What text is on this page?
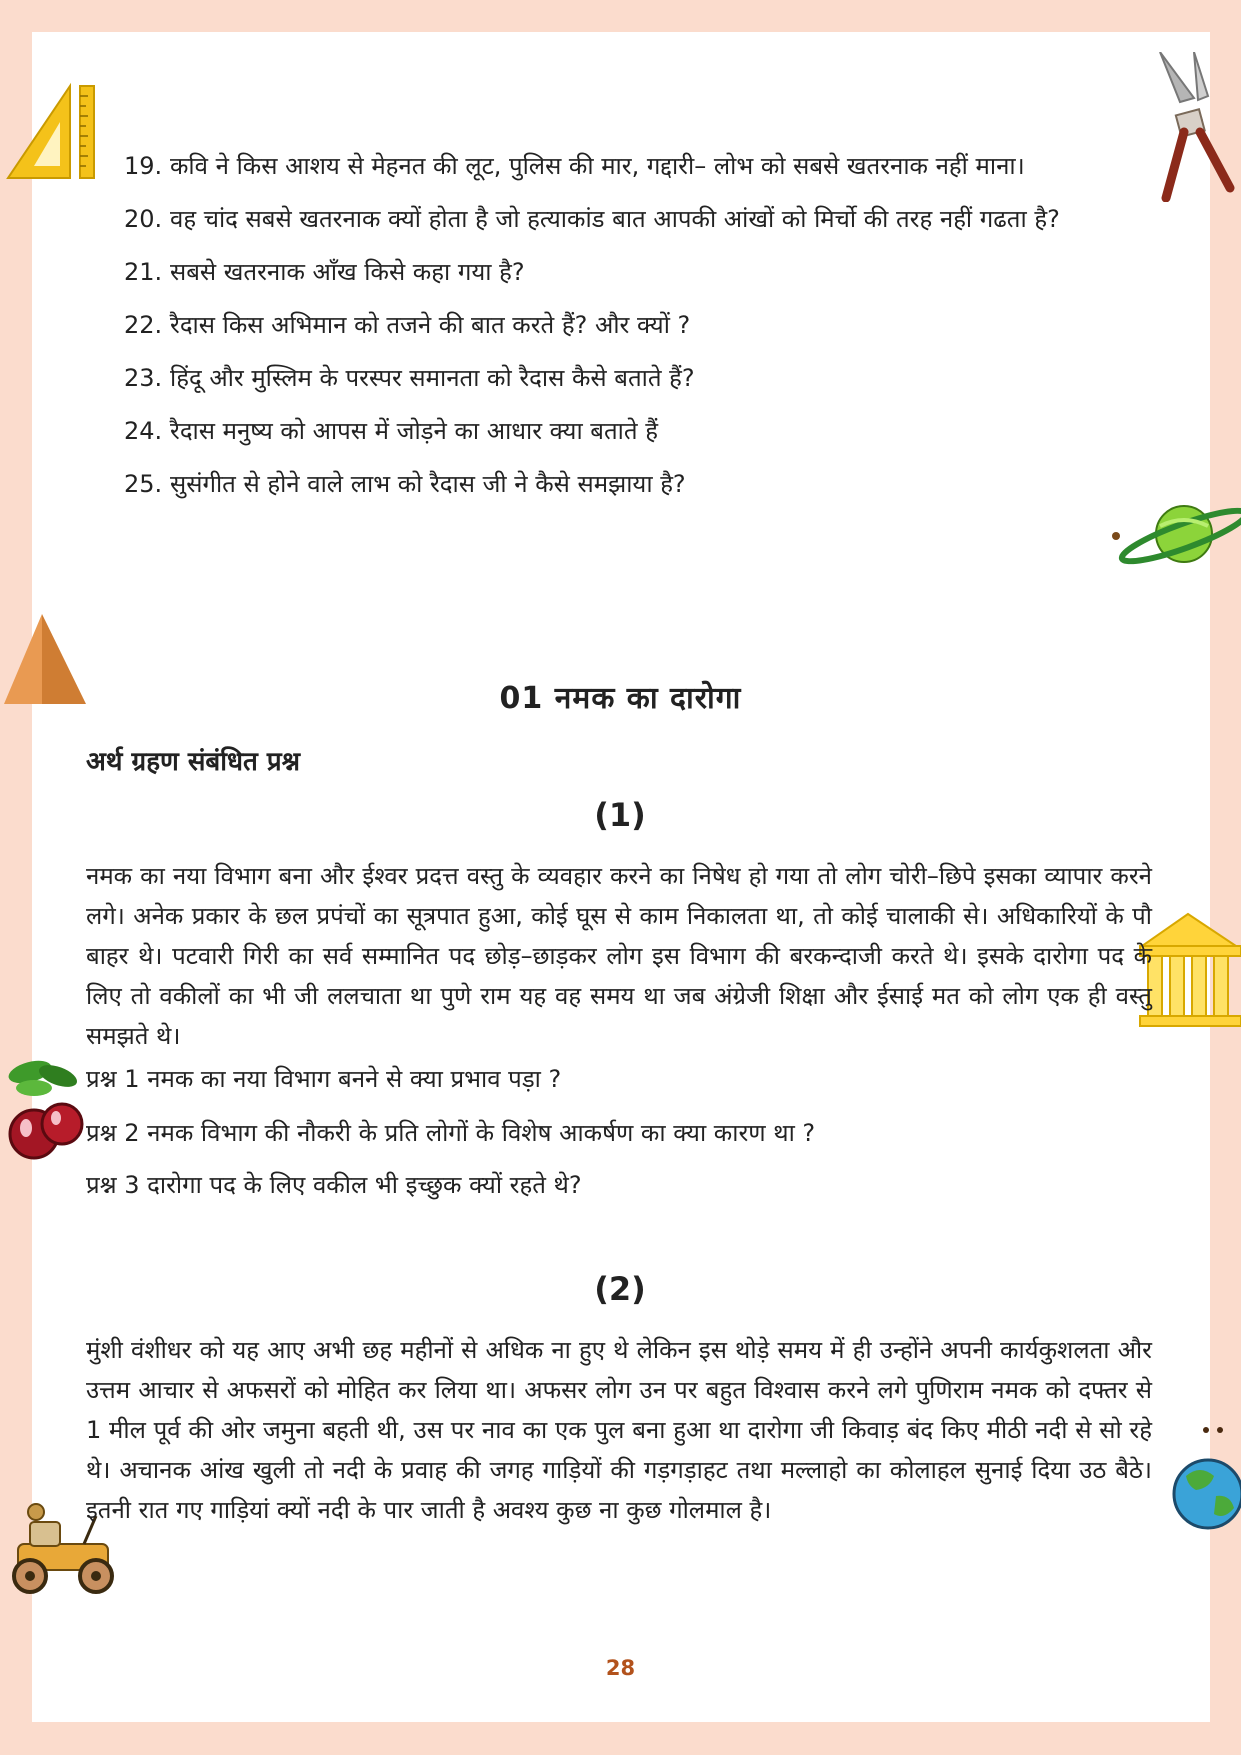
19. कवि ने किस आशय से मेहनत की लूट, पुलिस की मार, गद्दारी– लोभ को सबसे खतरनाक नहीं माना।
20. वह चांद सबसे खतरनाक क्यों होता है जो हत्याकांड बात आपकी आंखों को मिर्चो की तरह नहीं गढता है?
21. सबसे खतरनाक आँख किसे कहा गया है?
22. रैदास किस अभिमान को तजने की बात करते हैं? और क्यों ?
23. हिंदू और मुस्लिम के परस्पर समानता को रैदास कैसे बताते हैं?
24. रैदास मनुष्य को आपस में जोड़ने का आधार क्या बताते हैं
25. सुसंगीत से होने वाले लाभ को रैदास जी ने कैसे समझाया है?
01 नमक का दारोगा
अर्थ ग्रहण संबंधित प्रश्न
(1)

नमक का नया विभाग बना और ईश्वर प्रदत्त वस्तु के व्यवहार करने का निषेध हो गया तो लोग चोरी–छिपे इसका व्यापार करने लगे। अनेक प्रकार के छल प्रपंचों का सूत्रपात हुआ, कोई घूस से काम निकालता था, तो कोई चालाकी से। अधिकारियों के पौ बाहर थे। पटवारी गिरी का सर्व सम्मानित पद छोड़–छाड़कर लोग इस विभाग की बरकन्दाजी करते थे। इसके दारोगा पद के लिए तो वकीलों का भी जी ललचाता था पुणे राम यह वह समय था जब अंग्रेजी शिक्षा और ईसाई मत को लोग एक ही वस्तु समझते थे।

प्रश्न 1 नमक का नया विभाग बनने से क्या प्रभाव पड़ा ?
प्रश्न 2 नमक विभाग की नौकरी के प्रति लोगों के विशेष आकर्षण का क्या कारण था ?
प्रश्न 3 दारोगा पद के लिए वकील भी इच्छुक क्यों रहते थे?
(2)

मुंशी वंशीधर को यह आए अभी छह महीनों से अधिक ना हुए थे लेकिन इस थोड़े समय में ही उन्होंने अपनी कार्यकुशलता और उत्तम आचार से अफसरों को मोहित कर लिया था। अफसर लोग उन पर बहुत विश्वास करने लगे पुणिराम नमक को दफ्तर से 1 मील पूर्व की ओर जमुना बहती थी, उस पर नाव का एक पुल बना हुआ था दारोगा जी किवाड़ बंद किए मीठी नदी से सो रहे थे। अचानक आंख खुली तो नदी के प्रवाह की जगह गाड़ियों की गड़गड़ाहट तथा मल्लाहो का कोलाहल सुनाई दिया उठ बैठे। इतनी रात गए गाड़ियां क्यों नदी के पार जाती है अवश्य कुछ ना कुछ गोलमाल है।

28
